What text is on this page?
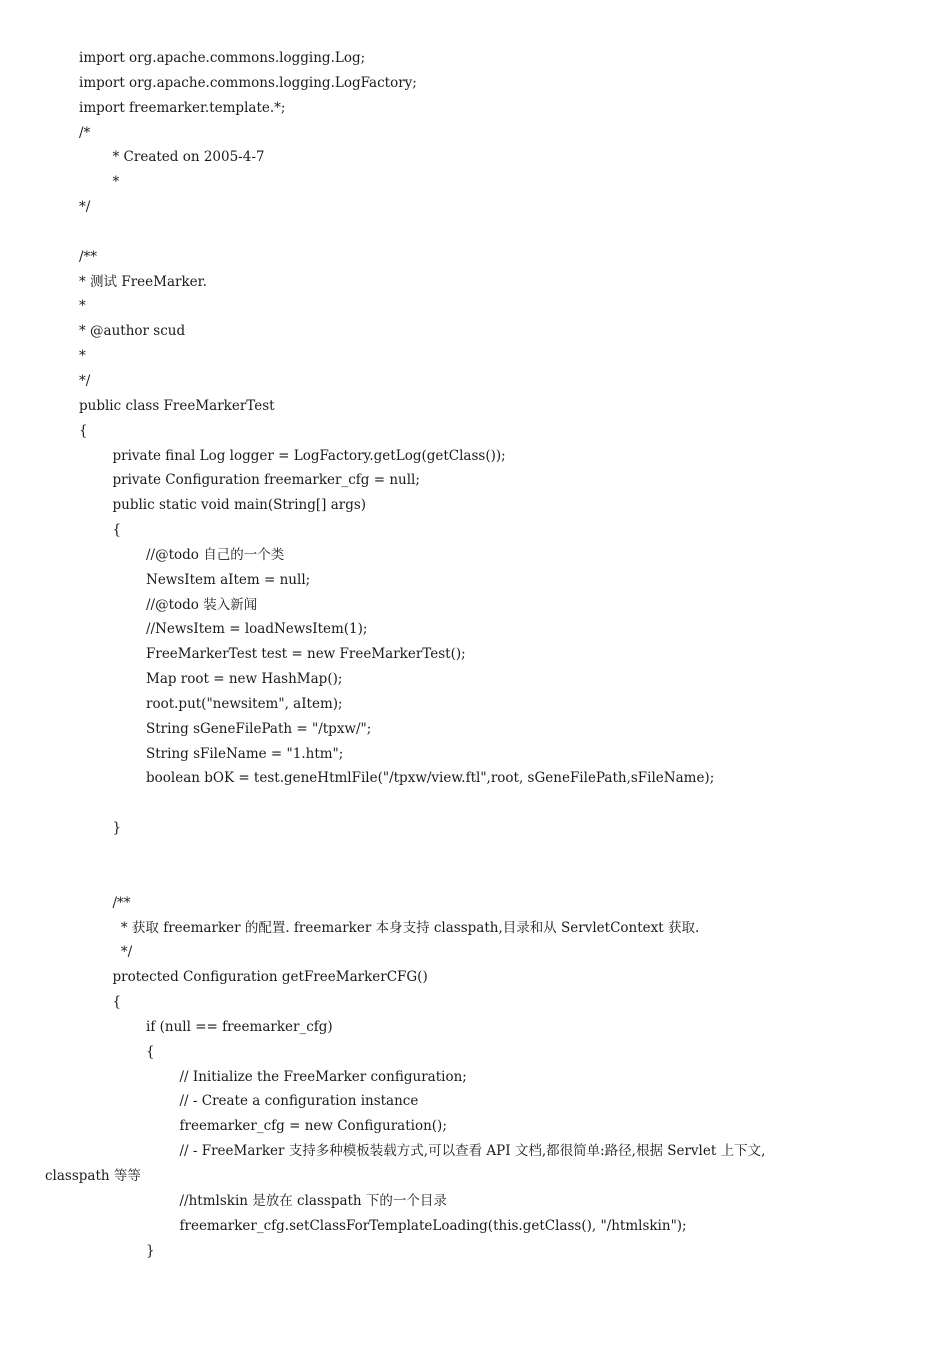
import org.apache.commons.logging.Log;
import org.apache.commons.logging.LogFactory;
import freemarker.template.*;
/*
* Created on 2005-4-7
*
*/
/**
* 测试 FreeMarker.
*
* @author scud
*
*/
public class FreeMarkerTest
{
private final Log logger = LogFactory.getLog(getClass());
private Configuration freemarker_cfg = null;
public static void main(String[] args)
{
//@todo 自己的一个类
NewsItem aItem = null;
//@todo 装入新闻
//NewsItem = loadNewsItem(1);
FreeMarkerTest test = new FreeMarkerTest();
Map root = new HashMap();
root.put("newsitem", aItem);
String sGeneFilePath = "/tpxw/";
String sFileName = "1.htm";
boolean bOK = test.geneHtmlFile("/tpxw/view.ftl",root, sGeneFilePath,sFileName);
}
/**
* 获取 freemarker 的配置. freemarker 本身支持 classpath,目录和从 ServletContext 获取.
*/
protected Configuration getFreeMarkerCFG()
{
if (null == freemarker_cfg)
{
// Initialize the FreeMarker configuration;
// - Create a configuration instance
freemarker_cfg = new Configuration();
// - FreeMarker 支持多种模板装载方式,可以查看 API 文档,都很简单:路径,根据 Servlet 上下文,
classpath 等等
//htmlskin 是放在 classpath 下的一个目录
freemarker_cfg.setClassForTemplateLoading(this.getClass(), "/htmlskin");
}
